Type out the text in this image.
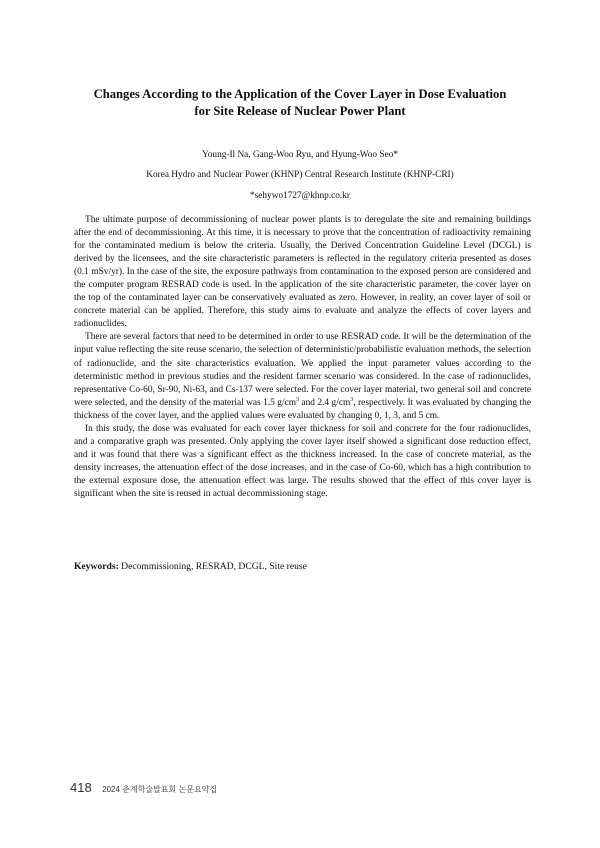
Changes According to the Application of the Cover Layer in Dose Evaluation
for Site Release of Nuclear Power Plant
Young-Il Na, Gang-Woo Ryu, and Hyung-Woo Seo*
Korea Hydro and Nuclear Power (KHNP) Central Research Institute (KHNP-CRI)
*sehywo1727@khnp.co.kr

The ultimate purpose of decommissioning of nuclear power plants is to deregulate the site and remaining buildings after the end of decommissioning. At this time, it is necessary to prove that the concentration of radioactivity remaining for the contaminated medium is below the criteria. Usually, the Derived Concentration Guideline Level (DCGL) is derived by the licensees, and the site characteristic parameters is reflected in the regulatory criteria presented as doses (0.1 mSv/yr). In the case of the site, the exposure pathways from contamination to the exposed person are considered and the computer program RESRAD code is used. In the application of the site characteristic parameter, the cover layer on the top of the contaminated layer can be conservatively evaluated as zero. However, in reality, an cover layer of soil or concrete material can be applied. Therefore, this study aims to evaluate and analyze the effects of cover layers and radionuclides.

There are several factors that need to be determined in order to use RESRAD code. It will be the determination of the input value reflecting the site reuse scenario, the selection of deterministic/probabilistic evaluation methods, the selection of radionuclide, and the site characteristics evaluation. We applied the input parameter values according to the deterministic method in previous studies and the resident farmer scenario was considered. In the case of radionuclides, representative Co-60, Sr-90, Ni-63, and Cs-137 were selected. For the cover layer material, two general soil and concrete were selected, and the density of the material was 1.5 $g/cm^3$ and 2.4 $g/cm^3$, respectively. It was evaluated by changing the thickness of the cover layer, and the applied values were evaluated by changing 0, 1, 3, and 5 cm.

In this study, the dose was evaluated for each cover layer thickness for soil and concrete for the four radionuclides, and a comparative graph was presented. Only applying the cover layer itself showed a significant dose reduction effect, and it was found that there was a significant effect as the thickness increased. In the case of concrete material, as the density increases, the attenuation effect of the dose increases, and in the case of Co-60, which has a high contribution to the external exposure dose, the attenuation effect was large. The results showed that the effect of this cover layer is significant when the site is reused in actual decommissioning stage.

Keywords: Decommissioning, RESRAD, DCGL, Site reuse
418 2024 춘계학술발표회 논문요약집
